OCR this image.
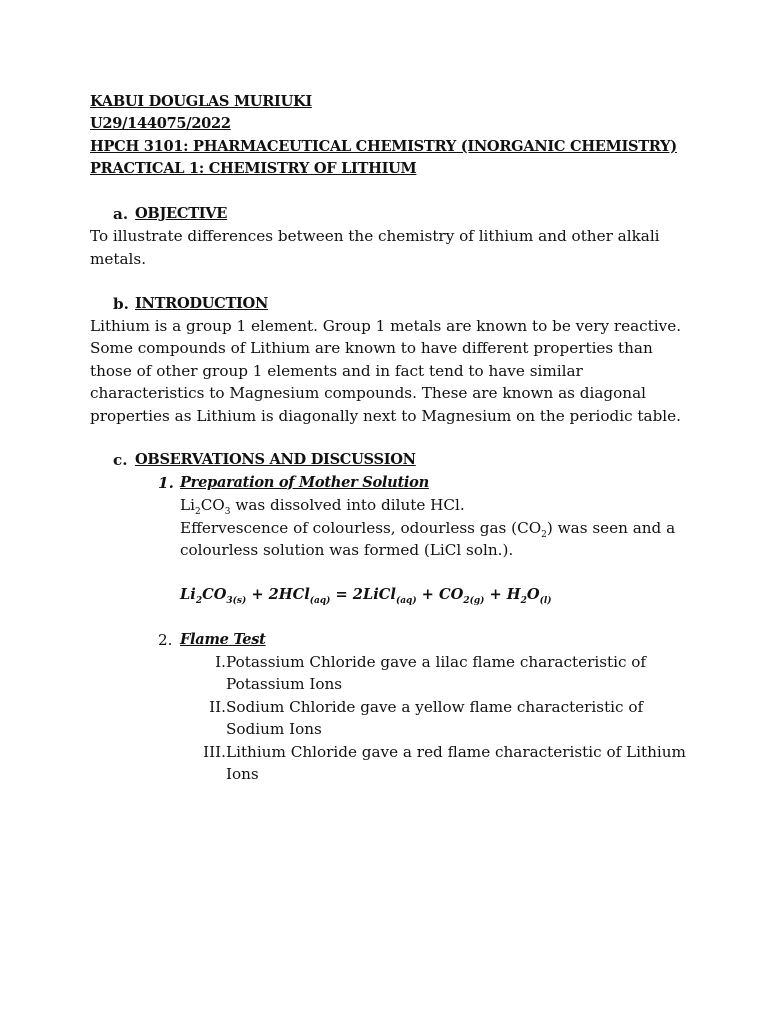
KABUI DOUGLAS MURIUKI
U29/144075/2022
HPCH 3101: PHARMACEUTICAL CHEMISTRY (INORGANIC CHEMISTRY)
PRACTICAL 1: CHEMISTRY OF LITHIUM
a. OBJECTIVE
To illustrate differences between the chemistry of lithium and other alkali metals.
b. INTRODUCTION
Lithium is a group 1 element. Group 1 metals are known to be very reactive. Some compounds of Lithium are known to have different properties than those of other group 1 elements and in fact tend to have similar characteristics to Magnesium compounds. These are known as diagonal properties as Lithium is diagonally next to Magnesium on the periodic table.
c. OBSERVATIONS AND DISCUSSION
1. Preparation of Mother Solution
$Li_2CO_3$ was dissolved into dilute HCl.
Effervescence of colourless, odourless gas $(CO_2)$ was seen and a
colourless solution was formed (LiCl soln.).
$Li_2CO_{3(s)} + 2HCl_{(aq)}$ = 2LiCl$_{(aq)}$ + $CO_{2(g)} + H_2O_{(l)}$
2. Flame Test
I. Potassium Chloride gave a lilac flame characteristic of Potassium Ions
II. Sodium Chloride gave a yellow flame characteristic of Sodium Ions
III. Lithium Chloride gave a red flame characteristic of Lithium Ions
